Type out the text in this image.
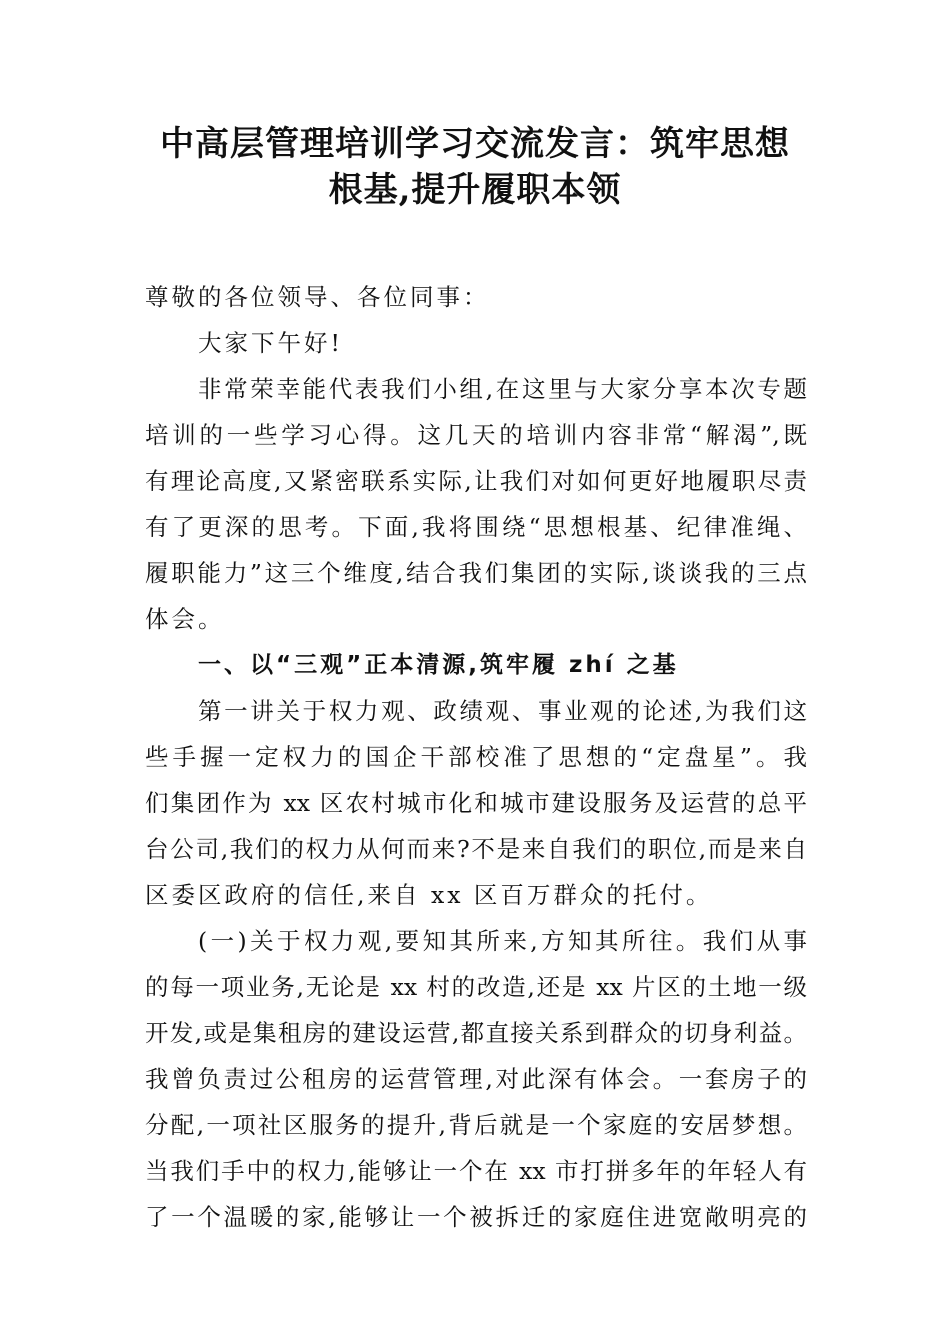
中高层管理培训学习交流发言：筑牢思想
根基,提升履职本领
尊敬的各位领导、各位同事：
大家下午好!
非常荣幸能代表我们小组,在这里与大家分享本次专题
培训的一些学习心得。这几天的培训内容非常“解渴”,既
有理论高度,又紧密联系实际,让我们对如何更好地履职尽责
有了更深的思考。下面,我将围绕“思想根基、纪律准绳、
履职能力”这三个维度,结合我们集团的实际,谈谈我的三点
体会。
一、以“三观”正本清源,筑牢履 zhí 之基
第一讲关于权力观、政绩观、事业观的论述,为我们这
些手握一定权力的国企干部校准了思想的“定盘星”。我
们集团作为 xx 区农村城市化和城市建设服务及运营的总平
台公司,我们的权力从何而来?不是来自我们的职位,而是来自
区委区政府的信任,来自 xx 区百万群众的托付。
(一)关于权力观,要知其所来,方知其所往。我们从事
的每一项业务,无论是 xx 村的改造,还是 xx 片区的土地一级
开发,或是集租房的建设运营,都直接关系到群众的切身利益。
我曾负责过公租房的运营管理,对此深有体会。一套房子的
分配,一项社区服务的提升,背后就是一个家庭的安居梦想。
当我们手中的权力,能够让一个在 xx 市打拼多年的年轻人有
了一个温暖的家,能够让一个被拆迁的家庭住进宽敞明亮的
